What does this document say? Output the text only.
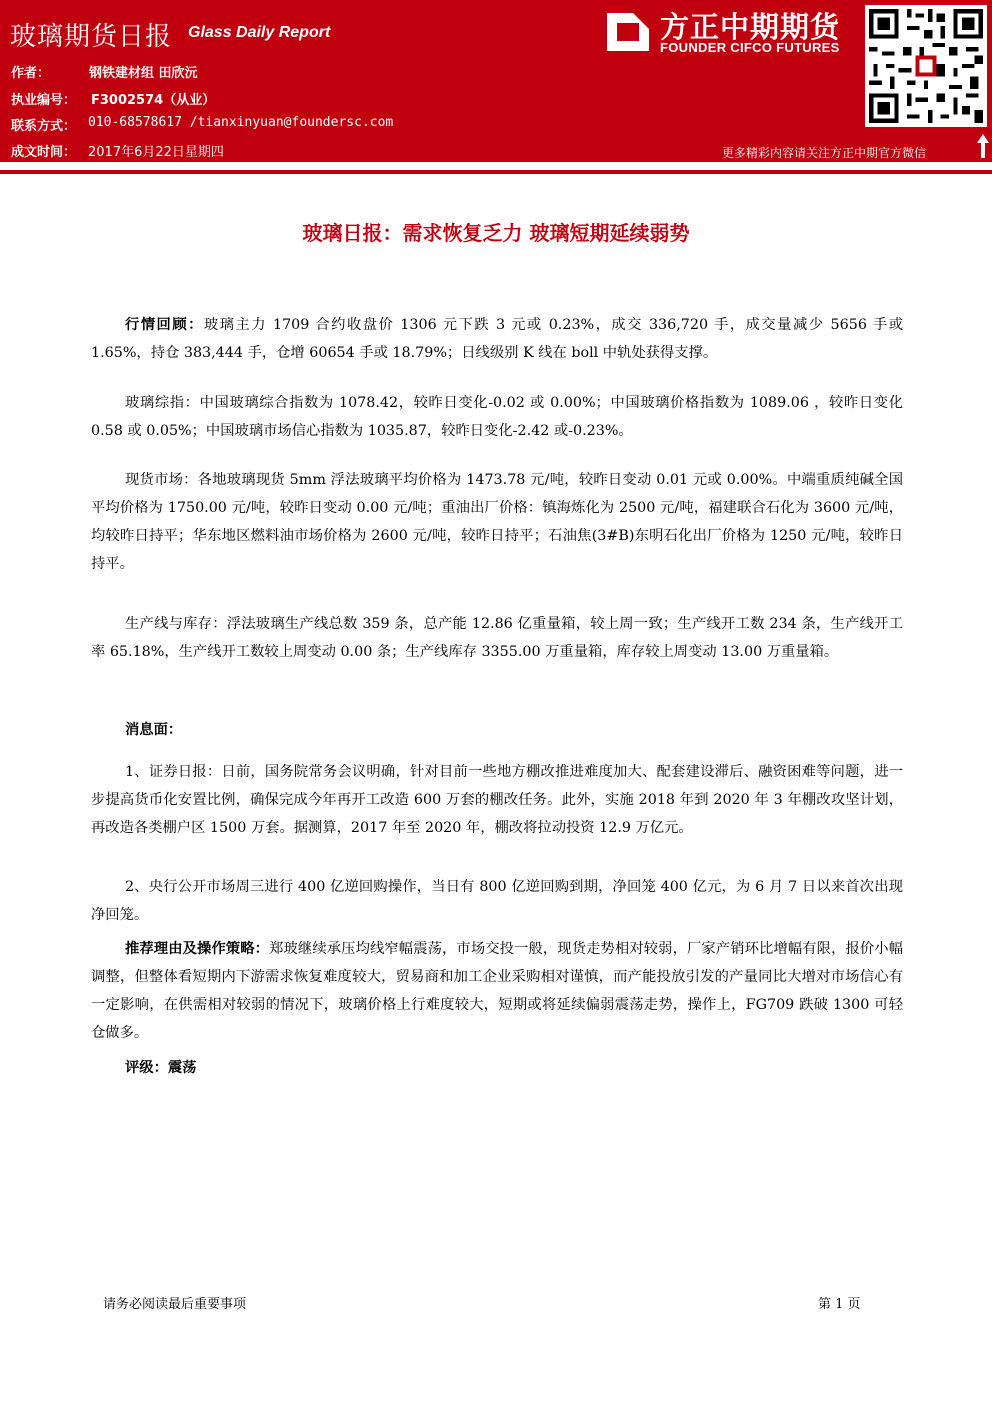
玻璃期货日报 Glass Daily Report
作者：	钢铁建材组 田欣沅
执业编号： F3002574（从业）
联系方式： 010-68578617 /tianxinyuan@foundersc.com
成文时间： 2017年6月22日星期四
方正中期期货
FOUNDER CIFCO FUTURES
更多精彩内容请关注方正中期官方微信
玻璃日报：需求恢复乏力 玻璃短期延续弱势
行情回顾：玻璃主力 1709 合约收盘价 1306 元下跌 3 元或 0.23%，成交 336,720 手，成交量减少 5656 手或 1.65%，持仓 383,444 手，仓增 60654 手或 18.79%；日线级别 K 线在 boll 中轨处获得支撑。
玻璃综指：中国玻璃综合指数为 1078.42，较昨日变化-0.02 或 0.00%；中国玻璃价格指数为 1089.06 ，较昨日变化 0.58 或 0.05%；中国玻璃市场信心指数为 1035.87，较昨日变化-2.42 或-0.23%。
现货市场：各地玻璃现货 5mm 浮法玻璃平均价格为 1473.78 元/吨，较昨日变动 0.01 元或 0.00%。中端重质纯碱全国平均价格为 1750.00 元/吨，较昨日变动 0.00 元/吨；重油出厂价格：镇海炼化为 2500 元/吨，福建联合石化为 3600 元/吨，均较昨日持平；华东地区燃料油市场价格为 2600 元/吨，较昨日持平；石油焦(3#B)东明石化出厂价格为 1250 元/吨，较昨日持平。
生产线与库存：浮法玻璃生产线总数 359 条，总产能 12.86 亿重量箱，较上周一致；生产线开工数 234 条，生产线开工率 65.18%，生产线开工数较上周变动 0.00 条；生产线库存 3355.00 万重量箱，库存较上周变动 13.00 万重量箱。
消息面：
1、证券日报：日前，国务院常务会议明确，针对目前一些地方棚改推进难度加大、配套建设滞后、融资困难等问题，进一步提高货币化安置比例，确保完成今年再开工改造 600 万套的棚改任务。此外，实施 2018 年到 2020 年 3 年棚改攻坚计划，再改造各类棚户区 1500 万套。据测算，2017 年至 2020 年，棚改将拉动投资 12.9 万亿元。
2、央行公开市场周三进行 400 亿逆回购操作，当日有 800 亿逆回购到期，净回笼 400 亿元，为 6 月 7 日以来首次出现净回笼。
推荐理由及操作策略：郑玻继续承压均线窄幅震荡，市场交投一般，现货走势相对较弱，厂家产销环比增幅有限，报价小幅调整，但整体看短期内下游需求恢复难度较大，贸易商和加工企业采购相对谨慎，而产能投放引发的产量同比大增对市场信心有一定影响，在供需相对较弱的情况下，玻璃价格上行难度较大，短期或将延续偏弱震荡走势，操作上，FG709 跌破 1300 可轻仓做多。
评级：震荡
请务必阅读最后重要事项	第 1 页
